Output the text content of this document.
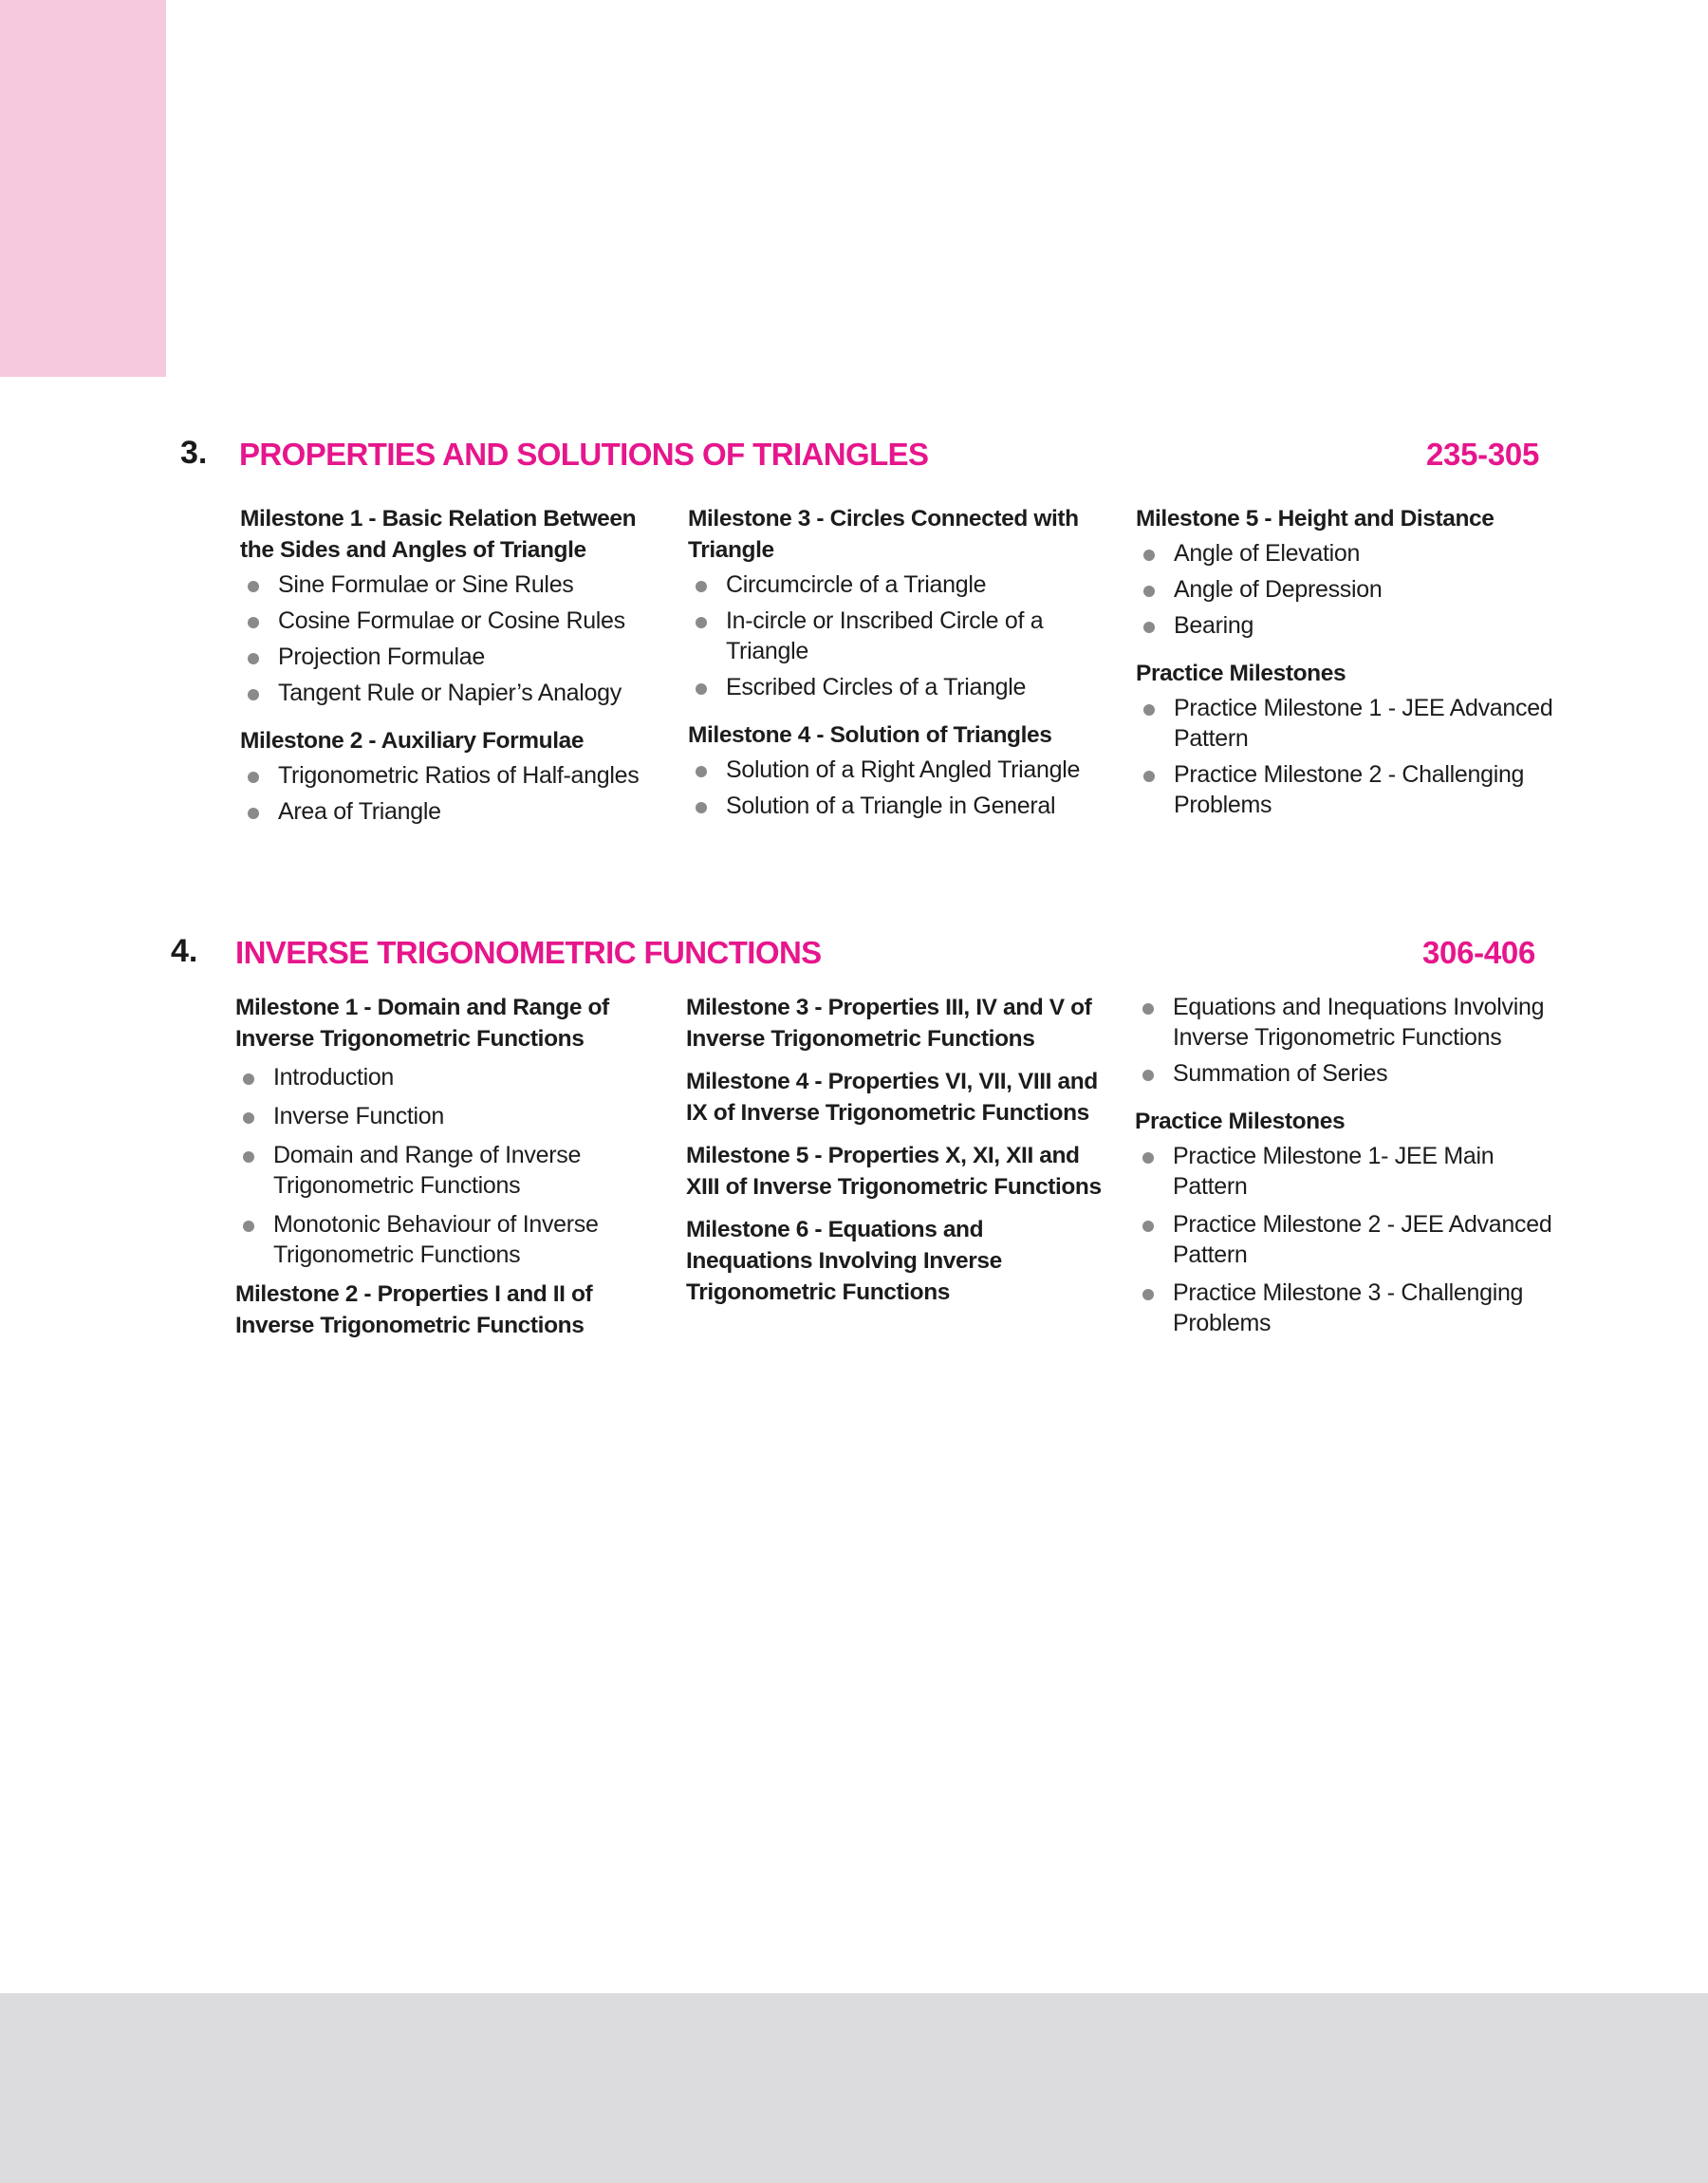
3. PROPERTIES AND SOLUTIONS OF TRIANGLES	235-305
Milestone 1 - Basic Relation Between the Sides and Angles of Triangle
Sine Formulae or Sine Rules
Cosine Formulae or Cosine Rules
Projection Formulae
Tangent Rule or Napier’s Analogy
Milestone 2 - Auxiliary Formulae
Trigonometric Ratios of Half-angles
Area of Triangle
Milestone 3 - Circles Connected with Triangle
Circumcircle of a Triangle
In-circle or Inscribed Circle of a Triangle
Escribed Circles of a Triangle
Milestone 4 - Solution of Triangles
Solution of a Right Angled Triangle
Solution of a Triangle in General
Milestone 5 - Height and Distance
Angle of Elevation
Angle of Depression
Bearing
Practice Milestones
Practice Milestone 1 - JEE Advanced Pattern
Practice Milestone 2 - Challenging Problems
4. INVERSE TRIGONOMETRIC FUNCTIONS	306-406
Milestone 1 - Domain and Range of Inverse Trigonometric Functions
Introduction
Inverse Function
Domain and Range of Inverse Trigonometric Functions
Monotonic Behaviour of Inverse Trigonometric Functions
Milestone 2 - Properties I and II of Inverse Trigonometric Functions
Milestone 3 - Properties III, IV and V of Inverse Trigonometric Functions
Milestone 4 - Properties VI, VII, VIII and IX of Inverse Trigonometric Functions
Milestone 5 - Properties X, XI, XII and XIII of Inverse Trigonometric Functions
Milestone 6 - Equations and Inequations Involving Inverse Trigonometric Functions
Equations and Inequations Involving Inverse Trigonometric Functions
Summation of Series
Practice Milestones
Practice Milestone 1- JEE Main Pattern
Practice Milestone 2 - JEE Advanced Pattern
Practice Milestone 3 - Challenging Problems
